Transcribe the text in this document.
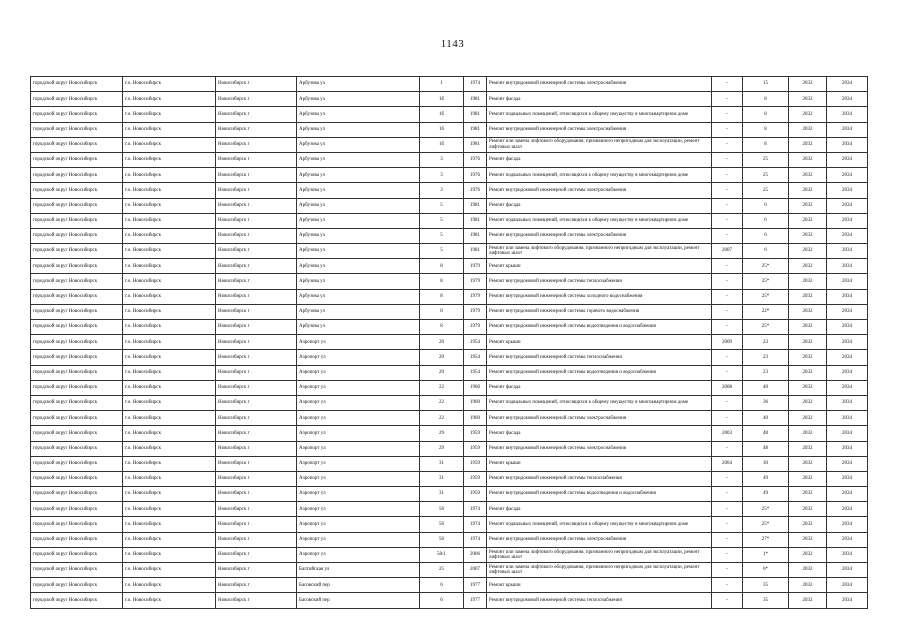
1143
городской округ Новосибирск	г.о. Новосибирск	Новосибирск г	Арбузова ул	1	1974	Ремонт внутридомовой инженерной системы электроснабжения	-	15	2032	2034
городской округ Новосибирск	г.о. Новосибирск	Новосибирск г	Арбузова ул	1б	1981	Ремонт фасада	-	8	2032	2034
городской округ Новосибирск	г.о. Новосибирск	Новосибирск г	Арбузова ул	1б	1981	Ремонт подвальных помещений, относящихся к общему имуществу в многоквартирном доме	-	8	2032	2034
городской округ Новосибирск	г.о. Новосибирск	Новосибирск г	Арбузова ул	1б	1981	Ремонт внутридомовой инженерной системы электроснабжения	-	8	2032	2034
городской округ Новосибирск	г.о. Новосибирск	Новосибирск г	Арбузова ул	1б	1981	Ремонт или замена лифтового оборудования, признанного непригодным для эксплуатации, ремонт лифтовых шахт	-	8	2032	2034
городской округ Новосибирск	г.о. Новосибирск	Новосибирск г	Арбузова ул	3	1976	Ремонт фасада	-	25	2032	2034
городской округ Новосибирск	г.о. Новосибирск	Новосибирск г	Арбузова ул	3	1976	Ремонт подвальных помещений, относящихся к общему имуществу в многоквартирном доме	-	25	2032	2034
городской округ Новосибирск	г.о. Новосибирск	Новосибирск г	Арбузова ул	3	1976	Ремонт внутридомовой инженерной системы электроснабжения	-	25	2032	2034
городской округ Новосибирск	г.о. Новосибирск	Новосибирск г	Арбузова ул	5	1981	Ремонт фасада	-	6	2032	2034
городской округ Новосибирск	г.о. Новосибирск	Новосибирск г	Арбузова ул	5	1981	Ремонт подвальных помещений, относящихся к общему имуществу в многоквартирном доме	-	6	2032	2034
городской округ Новосибирск	г.о. Новосибирск	Новосибирск г	Арбузова ул	5	1981	Ремонт внутридомовой инженерной системы электроснабжения	-	6	2032	2034
городской округ Новосибирск	г.о. Новосибирск	Новосибирск г	Арбузова ул	5	1981	Ремонт или замена лифтового оборудования, признанного непригодным для эксплуатации, ремонт лифтовых шахт	2007	6	2032	2034
городской округ Новосибирск	г.о. Новосибирск	Новосибирск г	Арбузова ул	8	1979	Ремонт крыши	-	25*	2032	2034
городской округ Новосибирск	г.о. Новосибирск	Новосибирск г	Арбузова ул	8	1979	Ремонт внутридомовой инженерной системы теплоснабжения	-	25*	2032	2034
городской округ Новосибирск	г.о. Новосибирск	Новосибирск г	Арбузова ул	8	1979	Ремонт внутридомовой инженерной системы холодного водоснабжения	-	25*	2032	2034
городской округ Новосибирск	г.о. Новосибирск	Новосибирск г	Арбузова ул	8	1979	Ремонт внутридомовой инженерной системы горячего водоснабжения	-	22*	2032	2034
городской округ Новосибирск	г.о. Новосибирск	Новосибирск г	Арбузова ул	8	1979	Ремонт внутридомовой инженерной системы водоотведения и водоснабжения	-	25*	2032	2034
городской округ Новосибирск	г.о. Новосибирск	Новосибирск г	Аэропорт ул	20	1954	Ремонт крыши	2009	23	2032	2034
городской округ Новосибирск	г.о. Новосибирск	Новосибирск г	Аэропорт ул	20	1954	Ремонт внутридомовой инженерной системы теплоснабжения	-	23	2032	2034
городской округ Новосибирск	г.о. Новосибирск	Новосибирск г	Аэропорт ул	20	1954	Ремонт внутридомовой инженерной системы водоотведения и водоснабжения	-	23	2032	2034
городской округ Новосибирск	г.о. Новосибирск	Новосибирск г	Аэропорт ул	22	1960	Ремонт фасада	2008	40	2032	2034
городской округ Новосибирск	г.о. Новосибирск	Новосибирск г	Аэропорт ул	22	1960	Ремонт подвальных помещений, относящихся к общему имуществу в многоквартирном доме	-	36	2032	2034
городской округ Новосибирск	г.о. Новосибирск	Новосибирск г	Аэропорт ул	22	1960	Ремонт внутридомовой инженерной системы электроснабжения	-	40	2032	2034
городской округ Новосибирск	г.о. Новосибирск	Новосибирск г	Аэропорт ул	29	1959	Ремонт фасада	2003	48	2032	2034
городской округ Новосибирск	г.о. Новосибирск	Новосибирск г	Аэропорт ул	29	1959	Ремонт внутридомовой инженерной системы электроснабжения	-	48	2032	2034
городской округ Новосибирск	г.о. Новосибирск	Новосибирск г	Аэропорт ул	31	1959	Ремонт крыши	2004	30	2032	2034
городской округ Новосибирск	г.о. Новосибирск	Новосибирск г	Аэропорт ул	31	1959	Ремонт внутридомовой инженерной системы теплоснабжения	-	49	2032	2034
городской округ Новосибирск	г.о. Новосибирск	Новосибирск г	Аэропорт ул	31	1959	Ремонт внутридомовой инженерной системы водоотведения и водоснабжения	-	49	2032	2034
городской округ Новосибирск	г.о. Новосибирск	Новосибирск г	Аэропорт ул	56	1974	Ремонт фасада	-	25*	2032	2034
городской округ Новосибирск	г.о. Новосибирск	Новосибирск г	Аэропорт ул	56	1974	Ремонт подвальных помещений, относящихся к общему имуществу в многоквартирном доме	-	25*	2032	2034
городской округ Новосибирск	г.о. Новосибирск	Новосибирск г	Аэропорт ул	56	1974	Ремонт внутридомовой инженерной системы электроснабжения	-	27*	2032	2034
городской округ Новосибирск	г.о. Новосибирск	Новосибирск г	Аэропорт ул	58/1	2006	Ремонт или замена лифтового оборудования, признанного непригодным для эксплуатации, ремонт лифтовых шахт	-	1*	2032	2034
городской округ Новосибирск	г.о. Новосибирск	Новосибирск г	Балтийская ул	25	2007	Ремонт или замена лифтового оборудования, признанного непригодным для эксплуатации, ремонт лифтовых шахт	-	6*	2032	2034
городской округ Новосибирск	г.о. Новосибирск	Новосибирск г	Басовский пер	6	1977	Ремонт крыши	-	35	2032	2034
городской округ Новосибирск	г.о. Новосибирск	Новосибирск г	Басовский пер	6	1977	Ремонт внутридомовой инженерной системы теплоснабжения	-	35	2032	2034
